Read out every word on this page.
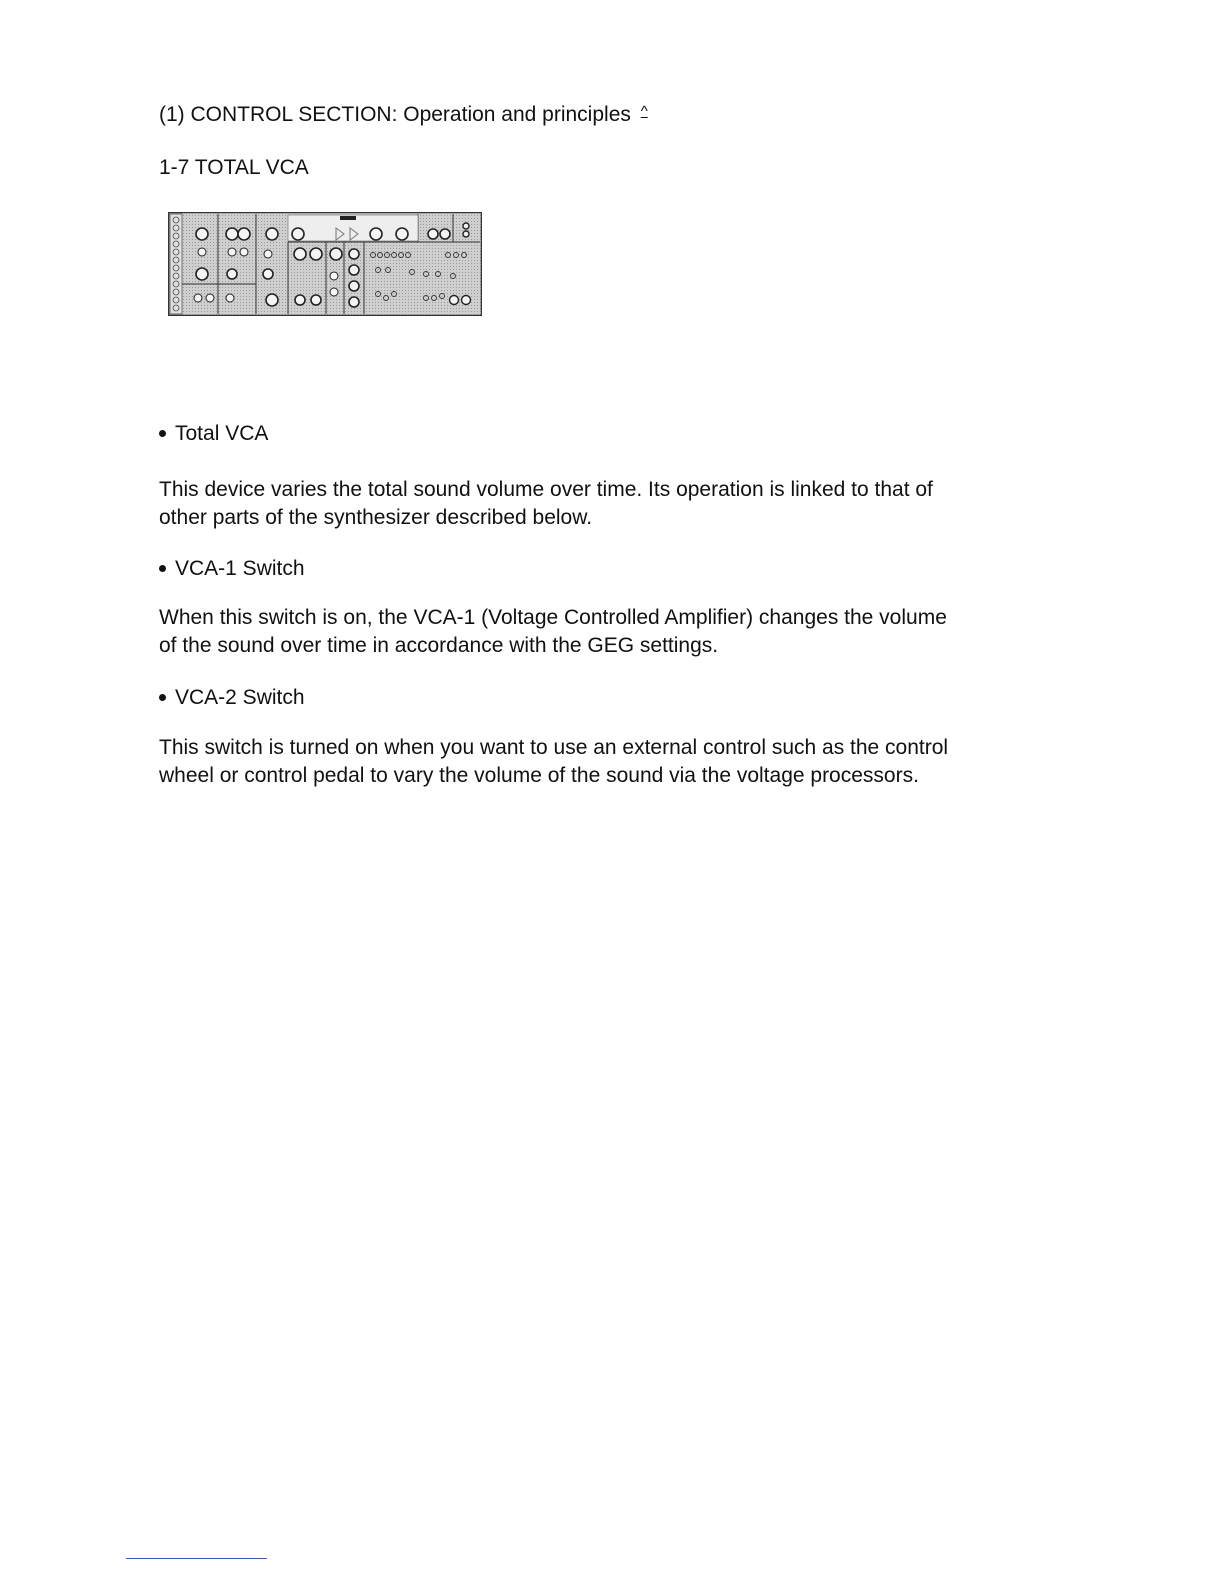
(1) CONTROL SECTION: Operation and principles ^
1-7 TOTAL VCA
Total VCA
This device varies the total sound volume over time. Its operation is linked to that of
other parts of the synthesizer described below.
VCA-1 Switch
When this switch is on, the VCA-1 (Voltage Controlled Amplifier) changes the volume
of the sound over time in accordance with the GEG settings.
VCA-2 Switch
This switch is turned on when you want to use an external control such as the control
wheel or control pedal to vary the volume of the sound via the voltage processors.
